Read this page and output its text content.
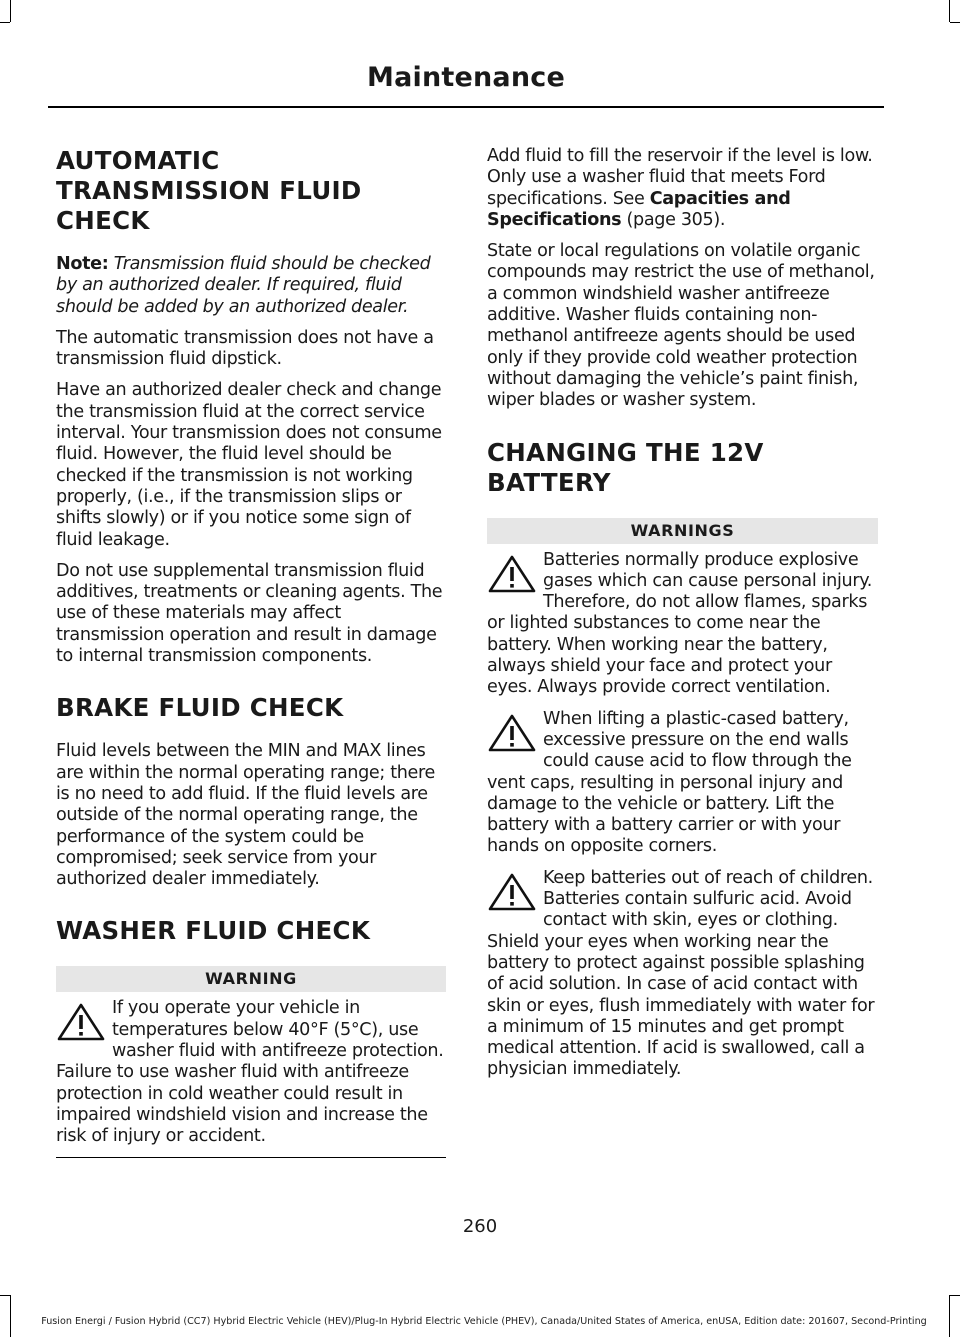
Maintenance
AUTOMATIC TRANSMISSION FLUID CHECK

Note: Transmission fluid should be checked by an authorized dealer. If required, fluid should be added by an authorized dealer.

The automatic transmission does not have a transmission fluid dipstick.

Have an authorized dealer check and change the transmission fluid at the correct service interval. Your transmission does not consume fluid. However, the fluid level should be checked if the transmission is not working properly, (i.e., if the transmission slips or shifts slowly) or if you notice some sign of fluid leakage.

Do not use supplemental transmission fluid additives, treatments or cleaning agents. The use of these materials may affect transmission operation and result in damage to internal transmission components.

BRAKE FLUID CHECK

Fluid levels between the MIN and MAX lines are within the normal operating range; there is no need to add fluid. If the fluid levels are outside of the normal operating range, the performance of the system could be compromised; seek service from your authorized dealer immediately.

WASHER FLUID CHECK
WARNING

If you operate your vehicle in temperatures below 40°F (5°C), use washer fluid with antifreeze protection. Failure to use washer fluid with antifreeze protection in cold weather could result in impaired windshield vision and increase the risk of injury or accident.

Add fluid to fill the reservoir if the level is low. Only use a washer fluid that meets Ford specifications. See Capacities and Specifications (page 305).

State or local regulations on volatile organic compounds may restrict the use of methanol, a common windshield washer antifreeze additive. Washer fluids containing non-methanol antifreeze agents should be used only if they provide cold weather protection without damaging the vehicle’s paint finish, wiper blades or washer system.

CHANGING THE 12V BATTERY
WARNINGS

Batteries normally produce explosive gases which can cause personal injury. Therefore, do not allow flames, sparks or lighted substances to come near the battery. When working near the battery, always shield your face and protect your eyes. Always provide correct ventilation.

When lifting a plastic-cased battery, excessive pressure on the end walls could cause acid to flow through the vent caps, resulting in personal injury and damage to the vehicle or battery. Lift the battery with a battery carrier or with your hands on opposite corners.

Keep batteries out of reach of children. Batteries contain sulfuric acid. Avoid contact with skin, eyes or clothing. Shield your eyes when working near the battery to protect against possible splashing of acid solution. In case of acid contact with skin or eyes, flush immediately with water for a minimum of 15 minutes and get prompt medical attention. If acid is swallowed, call a physician immediately.

260
Fusion Energi / Fusion Hybrid (CC7) Hybrid Electric Vehicle (HEV)/Plug-In Hybrid Electric Vehicle (PHEV), Canada/United States of America, enUSA, Edition date: 201607, Second-Printing
